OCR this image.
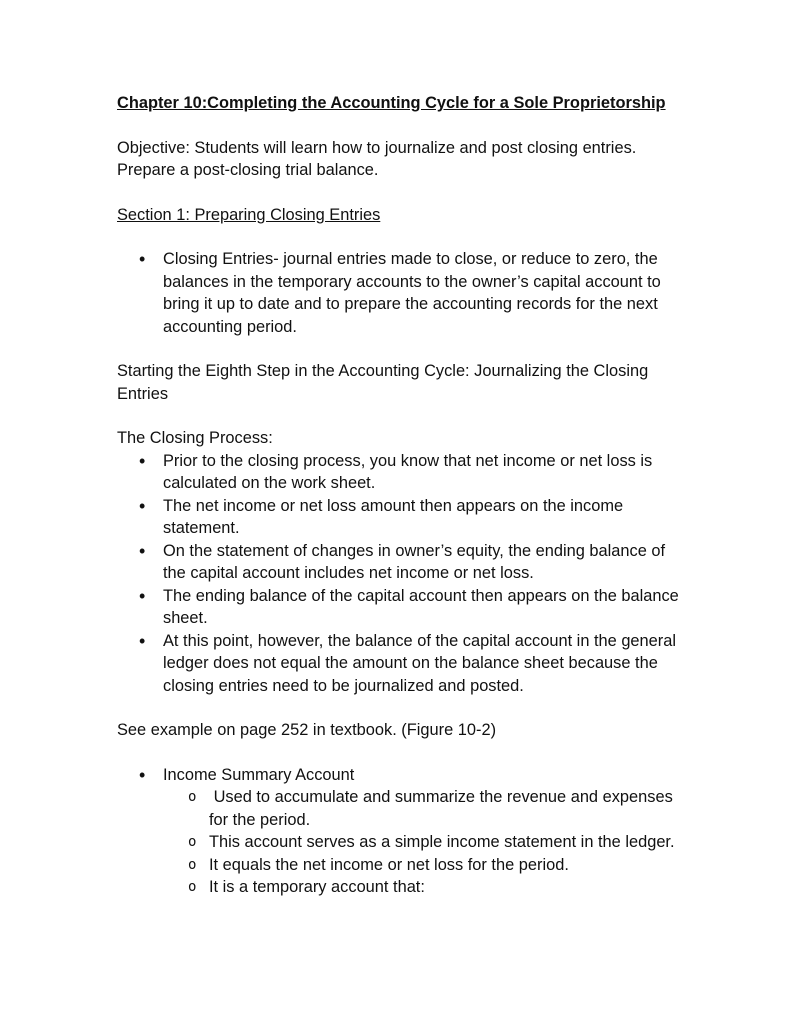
Chapter 10:Completing the Accounting Cycle for a Sole Proprietorship

Objective: Students will learn how to journalize and post closing entries.

Prepare a post-closing trial balance.

Section 1: Preparing Closing Entries

• Closing Entries- journal entries made to close, or reduce to zero, the balances in the temporary accounts to the owner’s capital account to bring it up to date and to prepare the accounting records for the next accounting period.

Starting the Eighth Step in the Accounting Cycle: Journalizing the Closing Entries

The Closing Process:

• Prior to the closing process, you know that net income or net loss is calculated on the work sheet.
• The net income or net loss amount then appears on the income statement.
• On the statement of changes in owner’s equity, the ending balance of the capital account includes net income or net loss.
• The ending balance of the capital account then appears on the balance sheet.
• At this point, however, the balance of the capital account in the general ledger does not equal the amount on the balance sheet because the closing entries need to be journalized and posted.

See example on page 252 in textbook. (Figure 10-2)

• Income Summary Account
o  Used to accumulate and summarize the revenue and expenses for the period.
o This account serves as a simple income statement in the ledger.
o It equals the net income or net loss for the period.
o It is a temporary account that:
